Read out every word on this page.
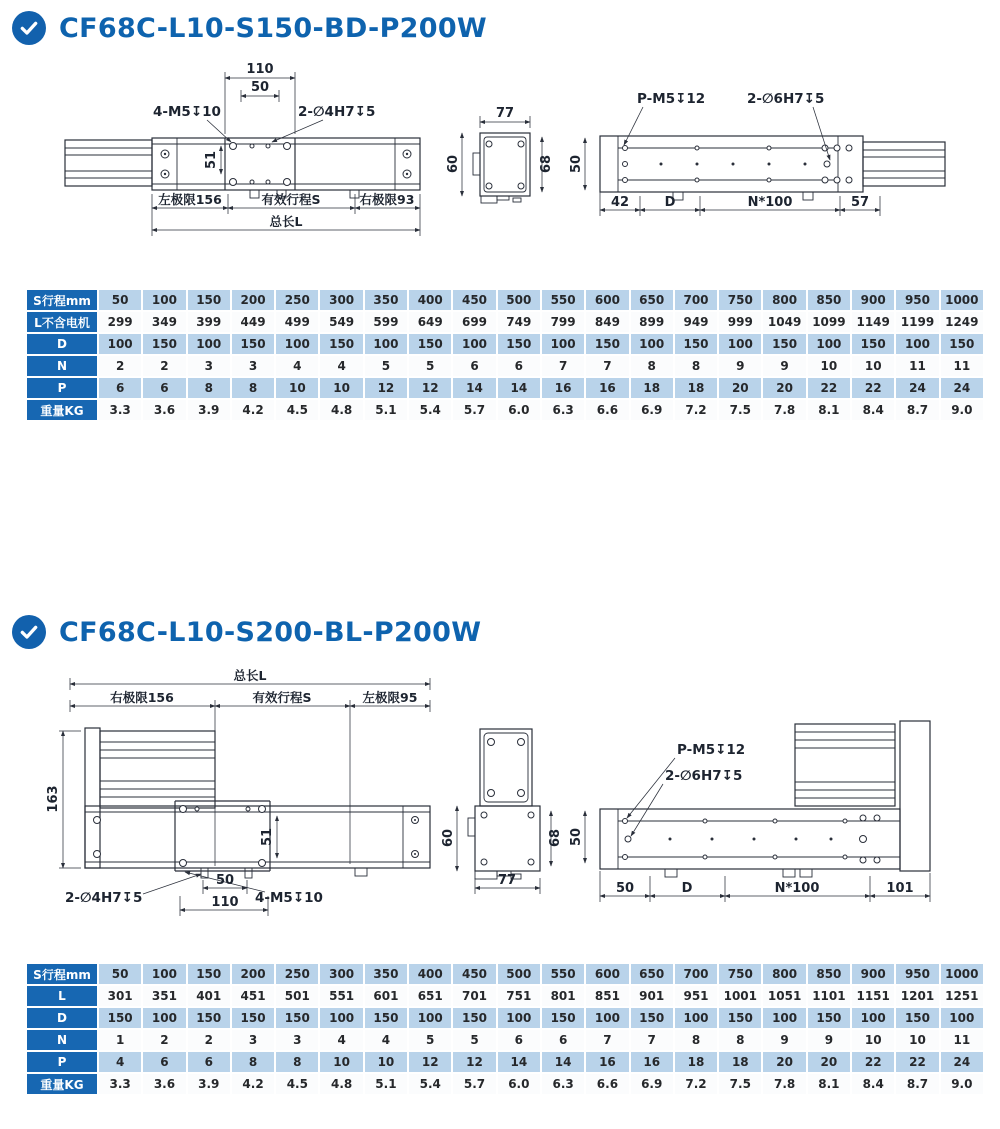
CF68C-L10-S150-BD-P200W
110
50
4-M5↧10	2-∅4H7↧5
51
左极限156	有效行程S	右极限93
总长L
77
60	68 50
P-M5↧12	2-∅6H7↧5
42	D	N*100	57
S行程mm	50	100	150	200	250	300	350	400	450	500	550	600	650	700	750	800	850	900	950	1000
L不含电机	299	349	399	449	499	549	599	649	699	749	799	849	899	949	999	1049	1099	1149	1199	1249
D	100	150	100	150	100	150	100	150	100	150	100	150	100	150	100	150	100	150	100	150
N	2	2	3	3	4	4	5	5	6	6	7	7	8	8	9	9	10	10	11	11
P	6	6	8	8	10	10	12	12	14	14	16	16	18	18	20	20	22	22	24	24
重量KG	3.3	3.6	3.9	4.2	4.5	4.8	5.1	5.4	5.7	6.0	6.3	6.6	6.9	7.2	7.5	7.8	8.1	8.4	8.7	9.0
CF68C-L10-S200-BL-P200W
总长L
右极限156	有效行程S	左极限95
163
51
2-∅4H7↧5	4-M5↧10
50
110
60	68
77
50
P-M5↧12
2-∅6H7↧5
50	D	N*100	101
S行程mm	50	100	150	200	250	300	350	400	450	500	550	600	650	700	750	800	850	900	950	1000
L	301	351	401	451	501	551	601	651	701	751	801	851	901	951	1001	1051	1101	1151	1201	1251
D	150	100	150	150	150	100	150	100	150	100	150	100	150	100	150	100	150	100	150	100
N	1	2	2	3	3	4	4	5	5	6	6	7	7	8	8	9	9	10	10	11
P	4	6	6	8	8	10	10	12	12	14	14	16	16	18	18	20	20	22	22	24
重量KG	3.3	3.6	3.9	4.2	4.5	4.8	5.1	5.4	5.7	6.0	6.3	6.6	6.9	7.2	7.5	7.8	8.1	8.4	8.7	9.0
